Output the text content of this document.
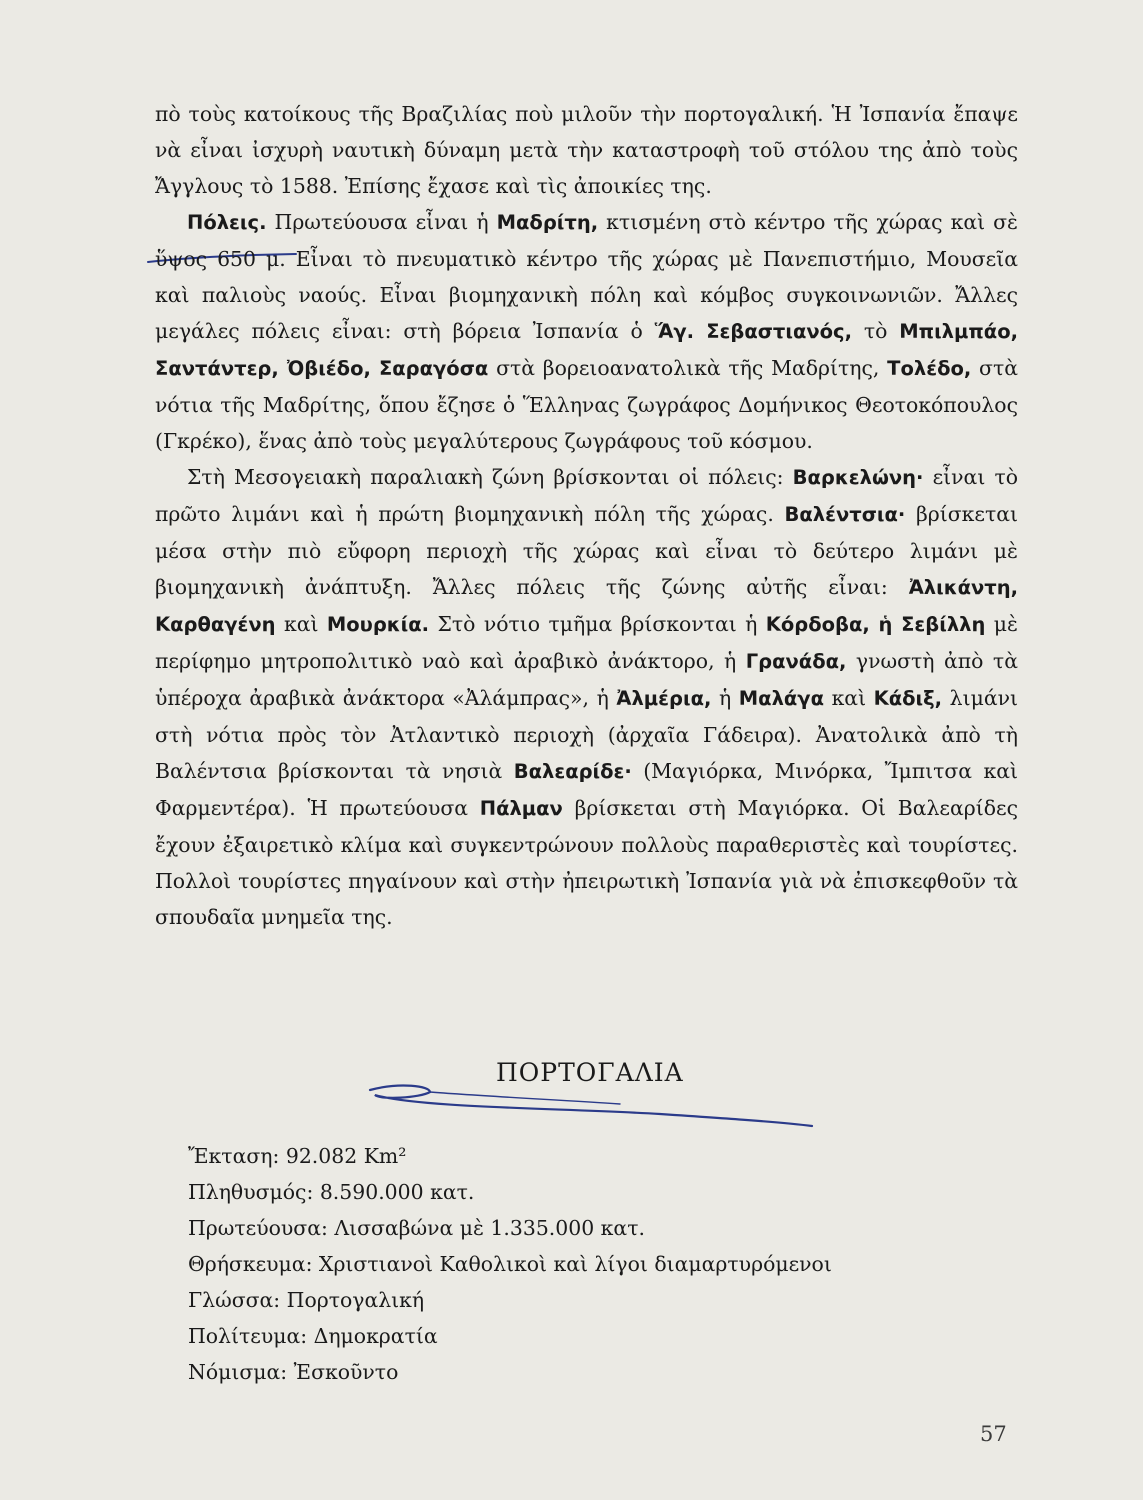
πὸ τοὺς κατοίκους τῆς Βραζιλίας ποὺ μιλοῦν τὴν πορτογαλική. Ἡ Ἰσπανία ἔπαψε νὰ εἶναι ἰσχυρὴ ναυτικὴ δύναμη μετὰ τὴν καταστροφὴ τοῦ στόλου της ἀπὸ τοὺς Ἄγγλους τὸ 1588. Ἐπίσης ἔχασε καὶ τὶς ἀποικίες της.

Πόλεις. Πρωτεύουσα εἶναι ἡ Μαδρίτη, κτισμένη στὸ κέντρο τῆς χώρας καὶ σὲ ὕψος 650 μ. Εἶναι τὸ πνευματικὸ κέντρο τῆς χώρας μὲ Πανεπιστήμιο, Μουσεῖα καὶ παλιοὺς ναούς. Εἶναι βιομηχανικὴ πόλη καὶ κόμβος συγκοινωνιῶν. Ἄλλες μεγάλες πόλεις εἶναι: στὴ βόρεια Ἰσπανία ὁ Ἅγ. Σεβαστιανός, τὸ Μπιλμπάο, Σαντάντερ, Ὀβιέδο, Σαραγόσα στὰ βορειοανατολικὰ τῆς Μαδρίτης, Τολέδο, στὰ νότια τῆς Μαδρίτης, ὅπου ἔζησε ὁ Ἕλληνας ζωγράφος Δομήνικος Θεοτοκόπουλος (Γκρέκο), ἕνας ἀπὸ τοὺς μεγαλύτερους ζωγράφους τοῦ κόσμου.

Στὴ Μεσογειακὴ παραλιακὴ ζώνη βρίσκονται οἱ πόλεις: Βαρκελώνη· εἶναι τὸ πρῶτο λιμάνι καὶ ἡ πρώτη βιομηχανικὴ πόλη τῆς χώρας. Βαλέντσια· βρίσκεται μέσα στὴν πιὸ εὔφορη περιοχὴ τῆς χώρας καὶ εἶναι τὸ δεύτερο λιμάνι μὲ βιομηχανικὴ ἀνάπτυξη. Ἄλλες πόλεις τῆς ζώνης αὐτῆς εἶναι: Ἀλικάντη, Καρθαγένη καὶ Μουρκία. Στὸ νότιο τμῆμα βρίσκονται ἡ Κόρδοβα, ἡ Σεβίλλη μὲ περίφημο μητροπολιτικὸ ναὸ καὶ ἀραβικὸ ἀνάκτορο, ἡ Γρανάδα, γνωστὴ ἀπὸ τὰ ὑπέροχα ἀραβικὰ ἀνάκτορα «Ἀλάμπρας», ἡ Ἀλμέρια, ἡ Μαλάγα καὶ Κάδιξ, λιμάνι στὴ νότια πρὸς τὸν Ἀτλαντικὸ περιοχὴ (ἀρχαῖα Γάδειρα). Ἀνατολικὰ ἀπὸ τὴ Βαλέντσια βρίσκονται τὰ νησιὰ Βαλεαρίδε· (Μαγιόρκα, Μινόρκα, Ἴμπιτσα καὶ Φαρμεντέρα). Ἡ πρωτεύουσα Πάλμαν βρίσκεται στὴ Μαγιόρκα. Οἱ Βαλεαρίδες ἔχουν ἐξαιρετικὸ κλίμα καὶ συγκεντρώνουν πολλοὺς παραθεριστὲς καὶ τουρίστες. Πολλοὶ τουρίστες πηγαίνουν καὶ στὴν ἠπειρωτικὴ Ἰσπανία γιὰ νὰ ἐπισκεφθοῦν τὰ σπουδαῖα μνημεῖα της.

ΠΟΡΤΟΓΑΛΙΑ
Ἔκταση: 92.082 Km²
Πληθυσμός: 8.590.000 κατ.
Πρωτεύουσα: Λισσαβώνα μὲ 1.335.000 κατ.
Θρήσκευμα: Χριστιανοὶ Καθολικοὶ καὶ λίγοι διαμαρτυρόμενοι
Γλώσσα: Πορτογαλική
Πολίτευμα: Δημοκρατία
Νόμισμα: Ἐσκοῦντο
57
